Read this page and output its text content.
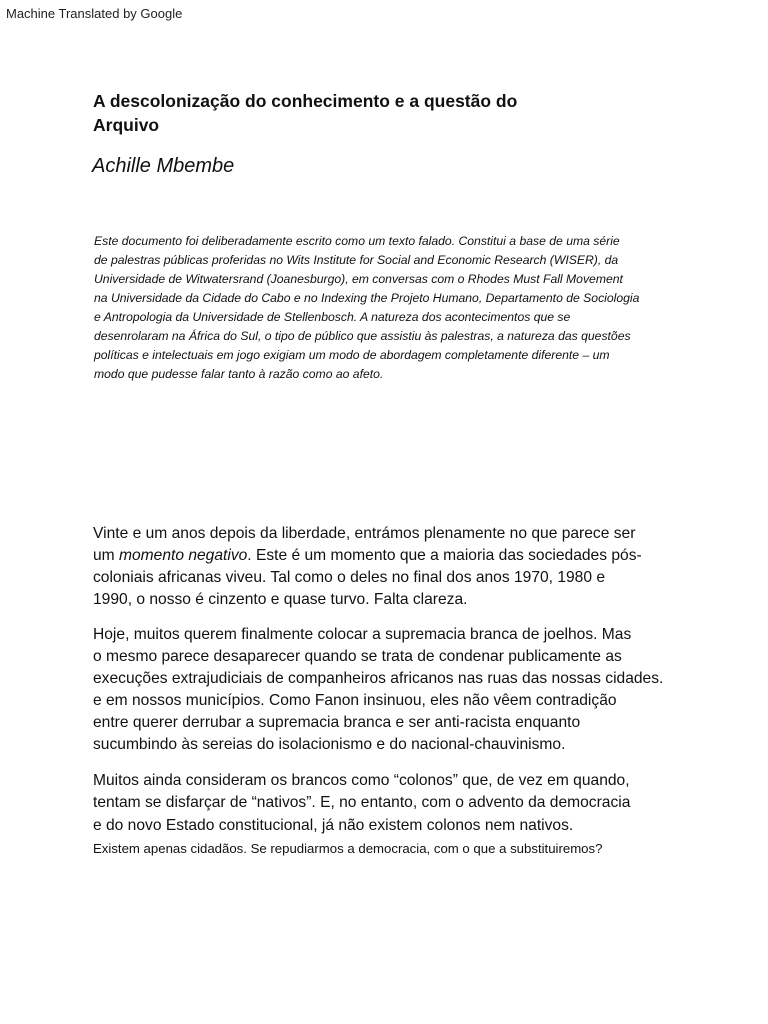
Machine Translated by Google
A descolonização do conhecimento e a questão do
Arquivo
Achille Mbembe
Este documento foi deliberadamente escrito como um texto falado. Constitui a base de uma série
de palestras públicas proferidas no Wits Institute for Social and Economic Research (WISER), da
Universidade de Witwatersrand (Joanesburgo), em conversas com o Rhodes Must Fall Movement
na Universidade da Cidade do Cabo e no Indexing the Projeto Humano, Departamento de Sociologia
e Antropologia da Universidade de Stellenbosch. A natureza dos acontecimentos que se
desenrolaram na África do Sul, o tipo de público que assistiu às palestras, a natureza das questões
políticas e intelectuais em jogo exigiam um modo de abordagem completamente diferente – um
modo que pudesse falar tanto à razão como ao afeto.
Vinte e um anos depois da liberdade, entrámos plenamente no que parece ser
um momento negativo. Este é um momento que a maioria das sociedades pós-
coloniais africanas viveu. Tal como o deles no final dos anos 1970, 1980 e
1990, o nosso é cinzento e quase turvo. Falta clareza.
Hoje, muitos querem finalmente colocar a supremacia branca de joelhos. Mas
o mesmo parece desaparecer quando se trata de condenar publicamente as
execuções extrajudiciais de companheiros africanos nas ruas das nossas cidades.
e em nossos municípios. Como Fanon insinuou, eles não vêem contradição
entre querer derrubar a supremacia branca e ser anti-racista enquanto
sucumbindo às sereias do isolacionismo e do nacional-chauvinismo.
Muitos ainda consideram os brancos como “colonos” que, de vez em quando,
tentam se disfarçar de “nativos”. E, no entanto, com o advento da democracia
e do novo Estado constitucional, já não existem colonos nem nativos.
Existem apenas cidadãos. Se repudiarmos a democracia, com o que a substituiremos?
